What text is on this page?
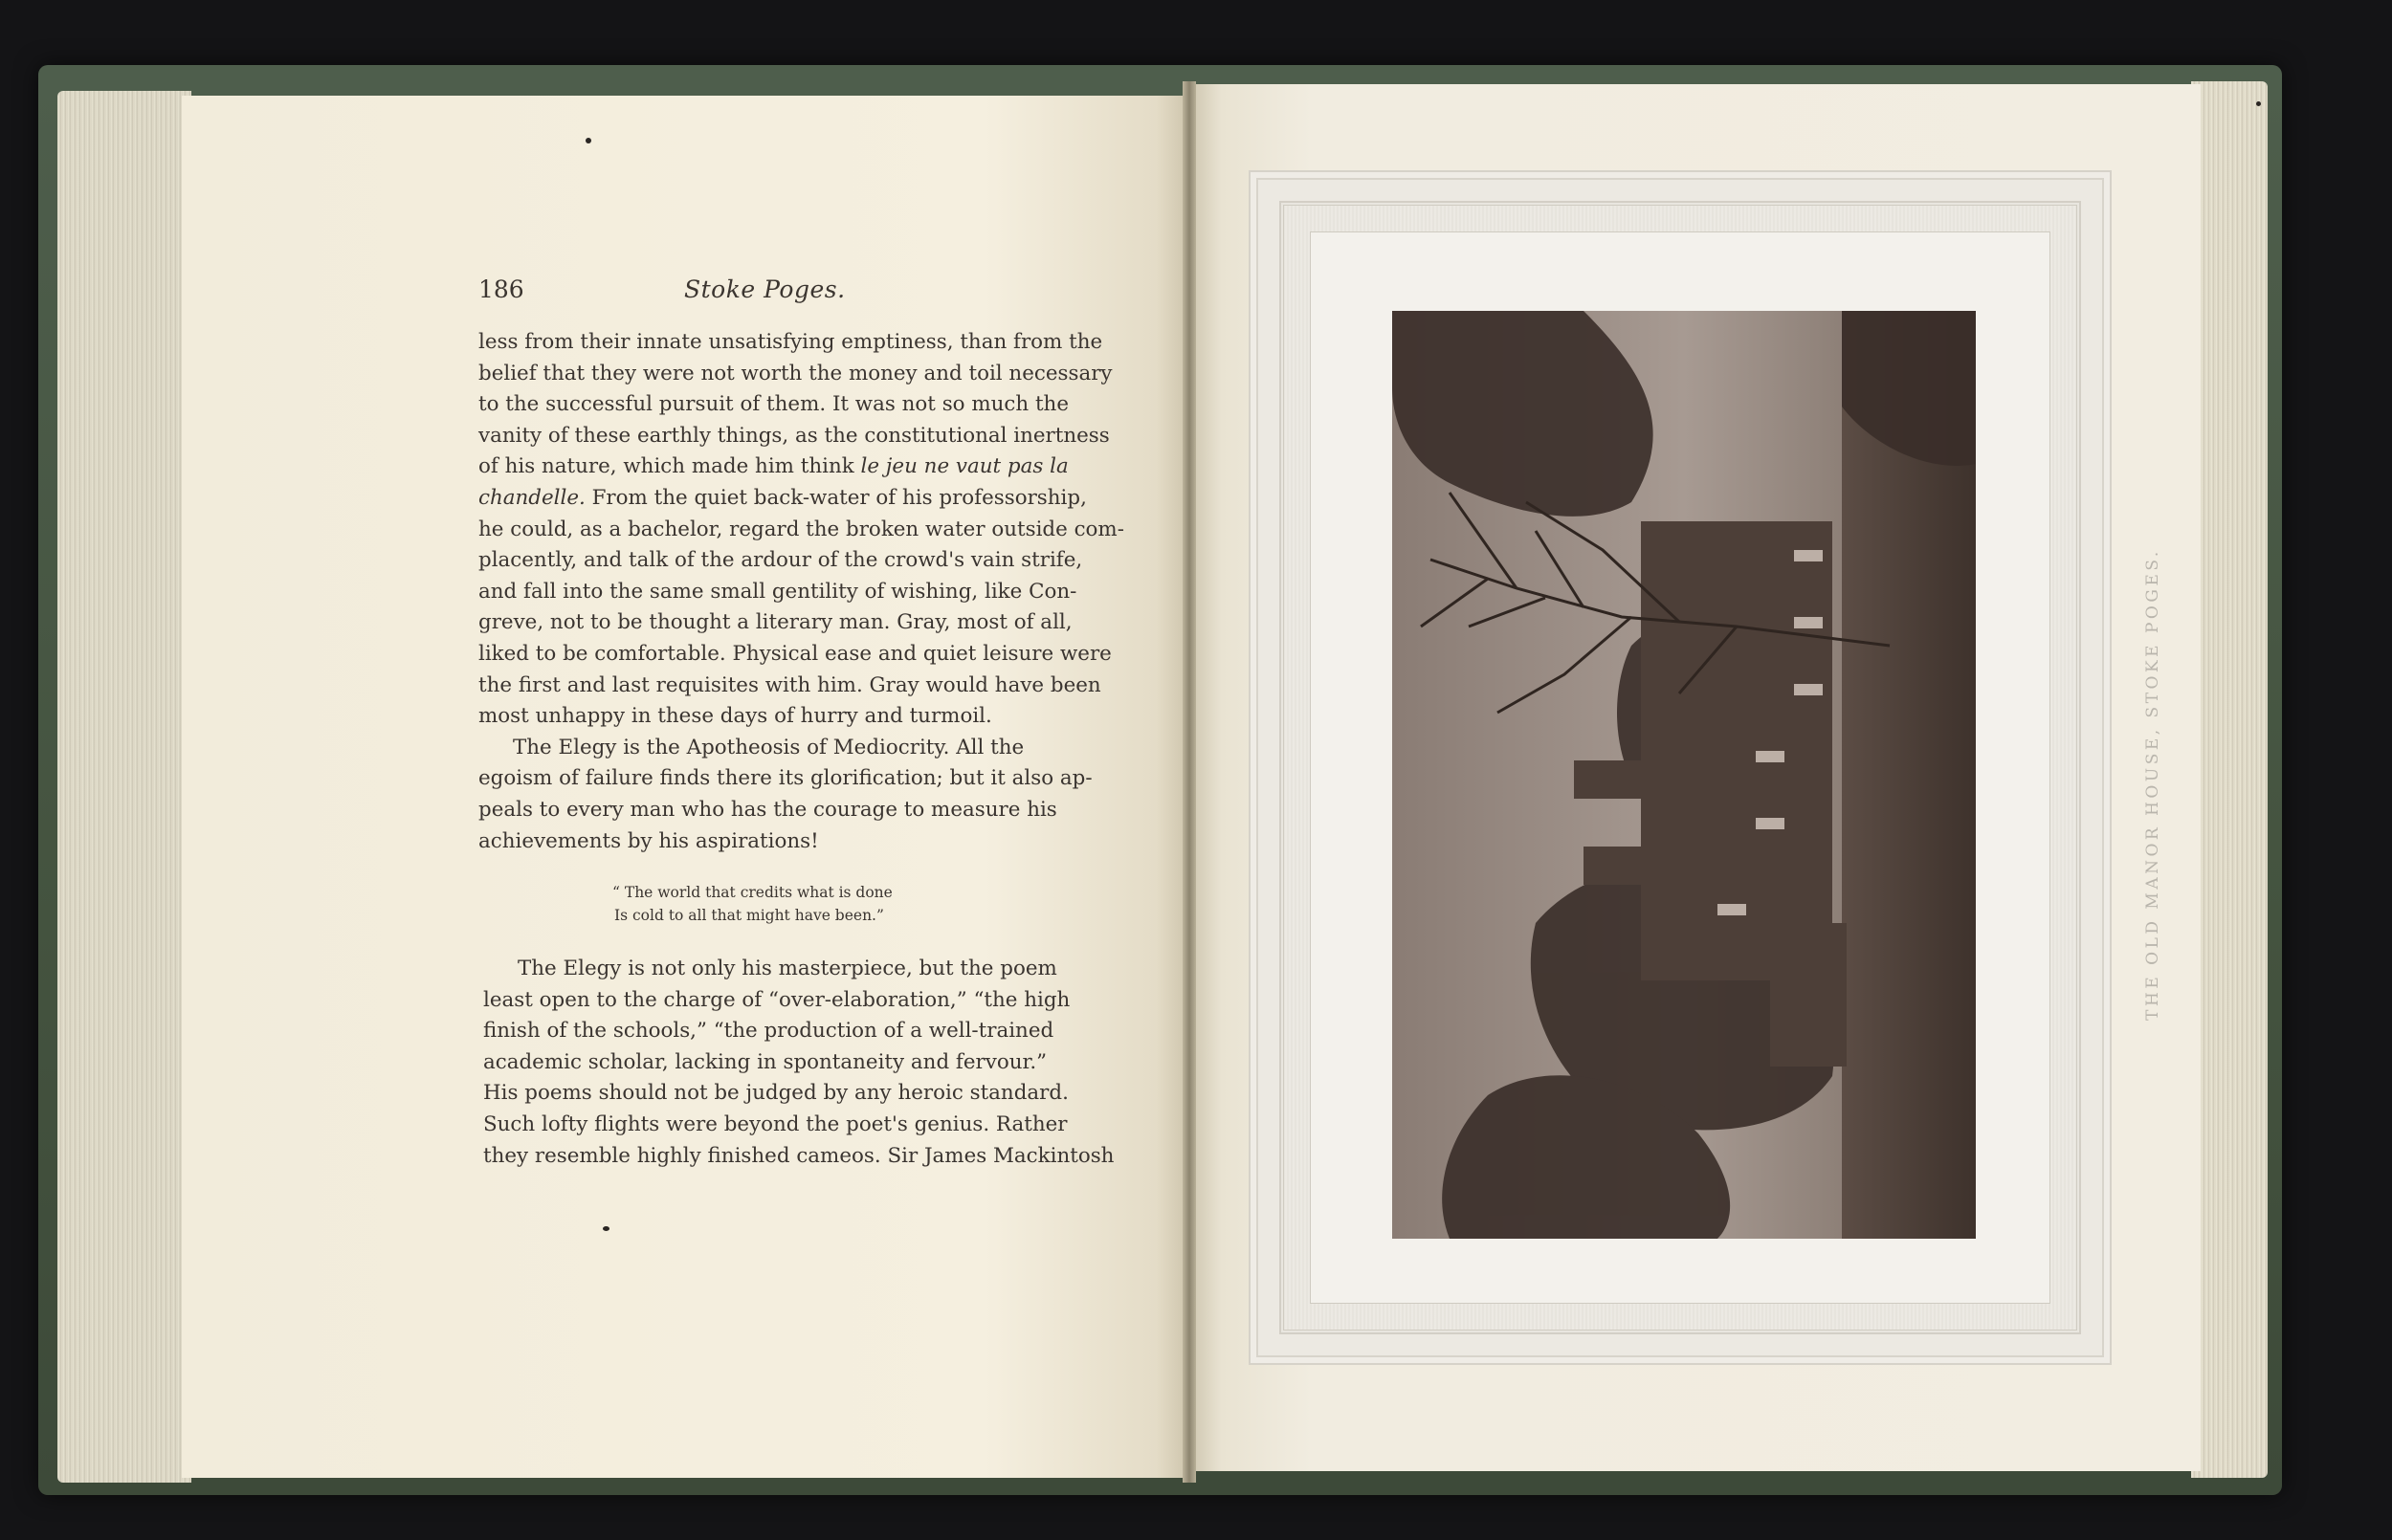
186	Stoke Poges.
less from their innate unsatisfying emptiness, than from the
belief that they were not worth the money and toil necessary
to the successful pursuit of them. It was not so much the
vanity of these earthly things, as the constitutional inertness
of his nature, which made him think le jeu ne vaut pas la
chandelle. From the quiet back-water of his professorship,
he could, as a bachelor, regard the broken water outside com-
placently, and talk of the ardour of the crowd's vain strife,
and fall into the same small gentility of wishing, like Con-
greve, not to be thought a literary man. Gray, most of all,
liked to be comfortable. Physical ease and quiet leisure were
the first and last requisites with him. Gray would have been
most unhappy in these days of hurry and turmoil.
The Elegy is the Apotheosis of Mediocrity. All the
egoism of failure finds there its glorification; but it also ap-
peals to every man who has the courage to measure his
achievements by his aspirations!
“ The world that credits what is done
Is cold to all that might have been.”
The Elegy is not only his masterpiece, but the poem
least open to the charge of “over-elaboration,” “the high
finish of the schools,” “the production of a well-trained
academic scholar, lacking in spontaneity and fervour.”
His poems should not be judged by any heroic standard.
Such lofty flights were beyond the poet's genius. Rather
they resemble highly finished cameos. Sir James Mackintosh
THE OLD MANOR HOUSE, STOKE POGES.
